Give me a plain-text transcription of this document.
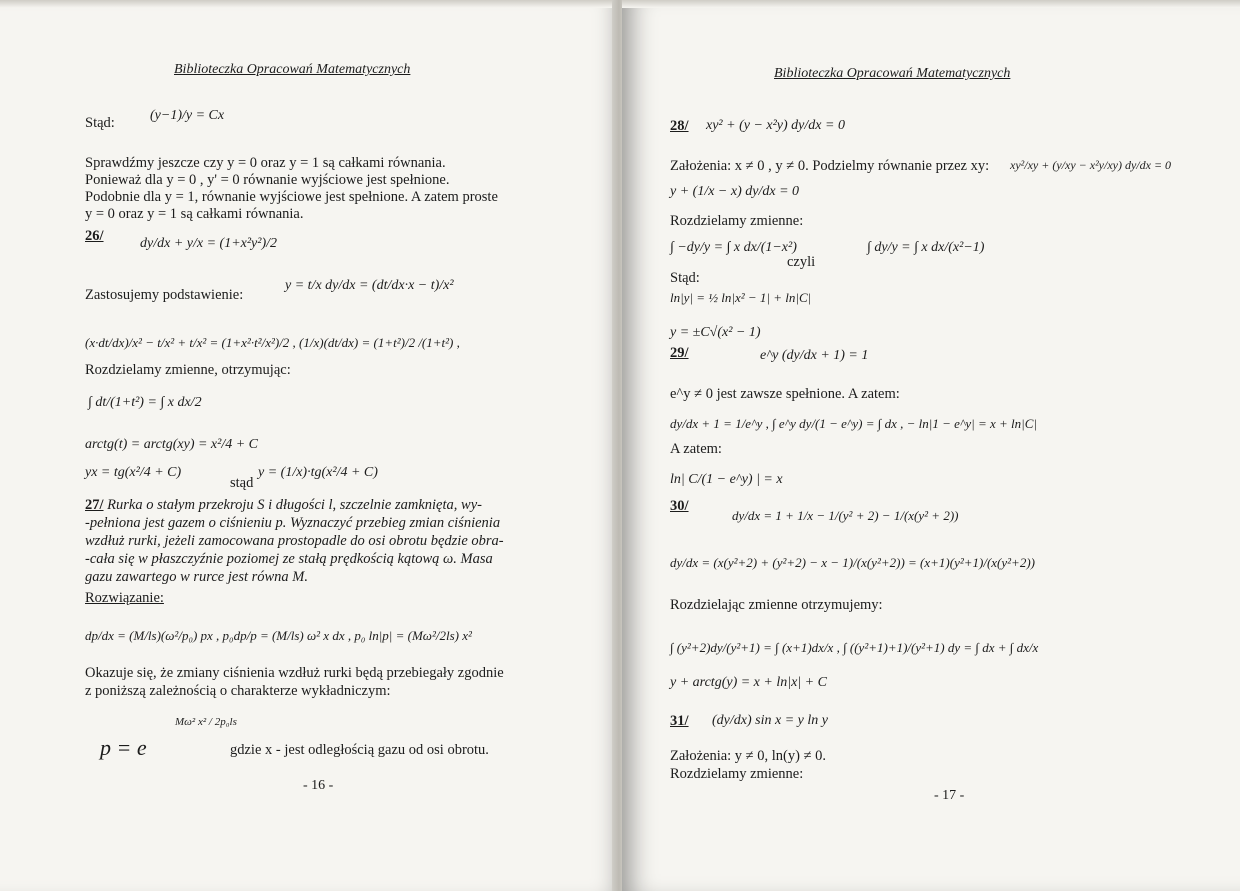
Biblioteczka Opracowań Matematycznych
Stąd:	(y−1)/y = Cx
Sprawdźmy jeszcze czy y = 0 oraz y = 1 są całkami równania.
Ponieważ dla y = 0 , y' = 0 równanie wyjściowe jest spełnione.
Podobnie dla y = 1, równanie wyjściowe jest spełnione. A zatem proste
y = 0 oraz y = 1 są całkami równania.
26/	dy/dx + y/x = (1+x²y²)/2
Zastosujemy podstawienie:
y = t/x dy/dx = (dt/dx·x − t)/x²
(x·dt/dx)/x² − t/x² + t/x² = (1+x²·t²/x²)/2 , (1/x)(dt/dx) = (1+t²)/2 /(1+t²) ,
Rozdzielamy zmienne, otrzymując:
∫ dt/(1+t²) = ∫ x dx/2
arctg(t) = arctg(xy) = x²/4 + C
yx = tg(x²/4 + C)
stąd
y = (1/x)·tg(x²/4 + C)
27/ Rurka o stałym przekroju S i długości l, szczelnie zamknięta, wy-
-pełniona jest gazem o ciśnieniu p. Wyznaczyć przebieg zmian ciśnienia
wzdłuż rurki, jeżeli zamocowana prostopadle do osi obrotu będzie obra-
-cała się w płaszczyźnie poziomej ze stałą prędkością kątową ω. Masa
gazu zawartego w rurce jest równa M.
Rozwiązanie:
dp/dx = (M/ls)(ω²/p₀) px , p₀dp/p = (M/ls) ω² x dx , p₀ ln|p| = (Mω²/2ls) x²
Okazuje się, że zmiany ciśnienia wzdłuż rurki będą przebiegały zgodnie
z poniższą zależnością o charakterze wykładniczym:
p = e
Mω² x² / 2p₀ls
gdzie x - jest odległością gazu od osi obrotu.
- 16 -
Biblioteczka Opracowań Matematycznych
28/ xy² + (y − x²y) dy/dx = 0
Założenia: x ≠ 0 , y ≠ 0. Podzielmy równanie przez xy: xy²/xy + (y/xy − x²y/xy) dy/dx = 0
y + (1/x − x) dy/dx = 0
Rozdzielamy zmienne:
∫ −dy/y = ∫ x dx/(1−x²)
czyli
∫ dy/y = ∫ x dx/(x²−1)
Stąd:
ln|y| = ½ ln|x² − 1| + ln|C|
y = ±C√(x² − 1)
29/	e^y (dy/dx + 1) = 1
e^y ≠ 0 jest zawsze spełnione. A zatem:
dy/dx + 1 = 1/e^y , ∫ e^y dy/(1 − e^y) = ∫ dx , − ln|1 − e^y| = x + ln|C|
A zatem:
ln| C/(1 − e^y) | = x
30/
dy/dx = 1 + 1/x − 1/(y² + 2) − 1/(x(y² + 2))
dy/dx = (x(y²+2) + (y²+2) − x − 1)/(x(y²+2)) = (x+1)(y²+1)/(x(y²+2))
Rozdzielając zmienne otrzymujemy:
∫ (y²+2)dy/(y²+1) = ∫ (x+1)dx/x , ∫ ((y²+1)+1)/(y²+1) dy = ∫ dx + ∫ dx/x
y + arctg(y) = x + ln|x| + C
31/ (dy/dx) sin x = y ln y
Założenia: y ≠ 0, ln(y) ≠ 0.
Rozdzielamy zmienne:
- 17 -
